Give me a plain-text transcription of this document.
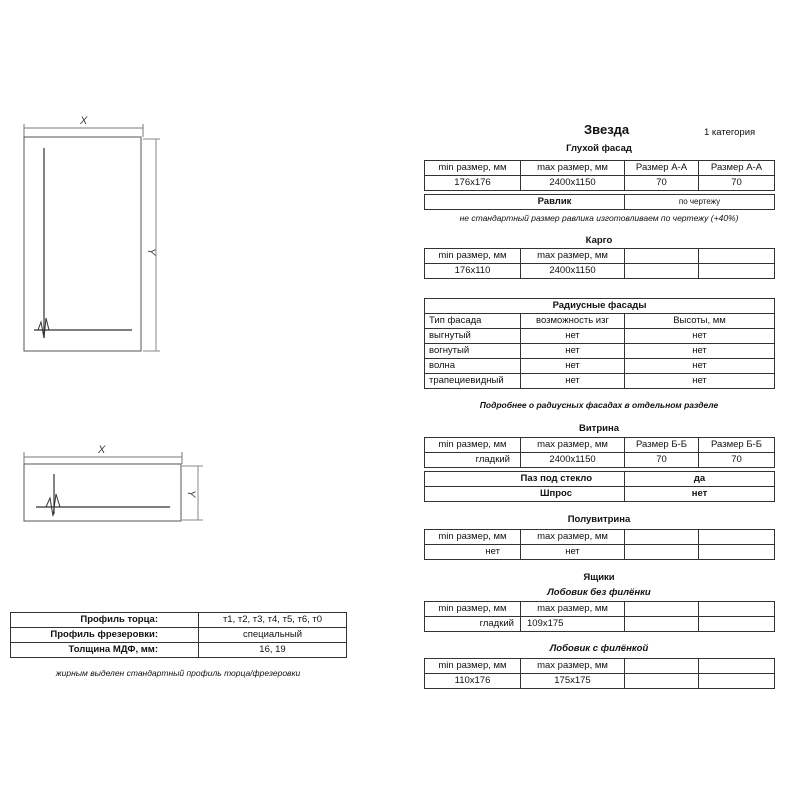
X
Y
X
Y
Профиль торца:	т1, т2, т3, т4, т5, т6, т0
Профиль фрезеровки:	специальный
Толщина МДФ, мм:	16, 19
жирным выделен стандартный профиль торца/фрезеровки
Звезда	1 категория
Глухой фасад
min размер, мм	max размер, мм	Размер А-А	Размер А-А
176x176	2400x1150	70	70
Равлик	по чертежу
не стандартный размер равлика изготовливаем по чертежу (+40%)
Карго
min размер, мм	max размер, мм		
176x110	2400x1150		
Радиусные фасады		
Тип фасада	возможность изг	Высоты, мм
выгнутый	нет	нет
вогнутый	нет	нет
волна	нет	нет
трапециевидный	нет	нет
Подробнее о радиусных фасадах в отдельном разделе
Витрина
min размер, мм	max размер, мм	Размер Б-Б	Размер Б-Б
гладкий	2400x1150	70	70
Паз под стекло	да
Шпрос	нет
Полувитрина
min размер, мм	max размер, мм		
нет	нет		
Ящики
Лобовик без филёнки
min размер, мм	max размер, мм		
гладкий	109x175		
Лобовик с филёнкой
min размер, мм	max размер, мм		
110x176	175x175		
